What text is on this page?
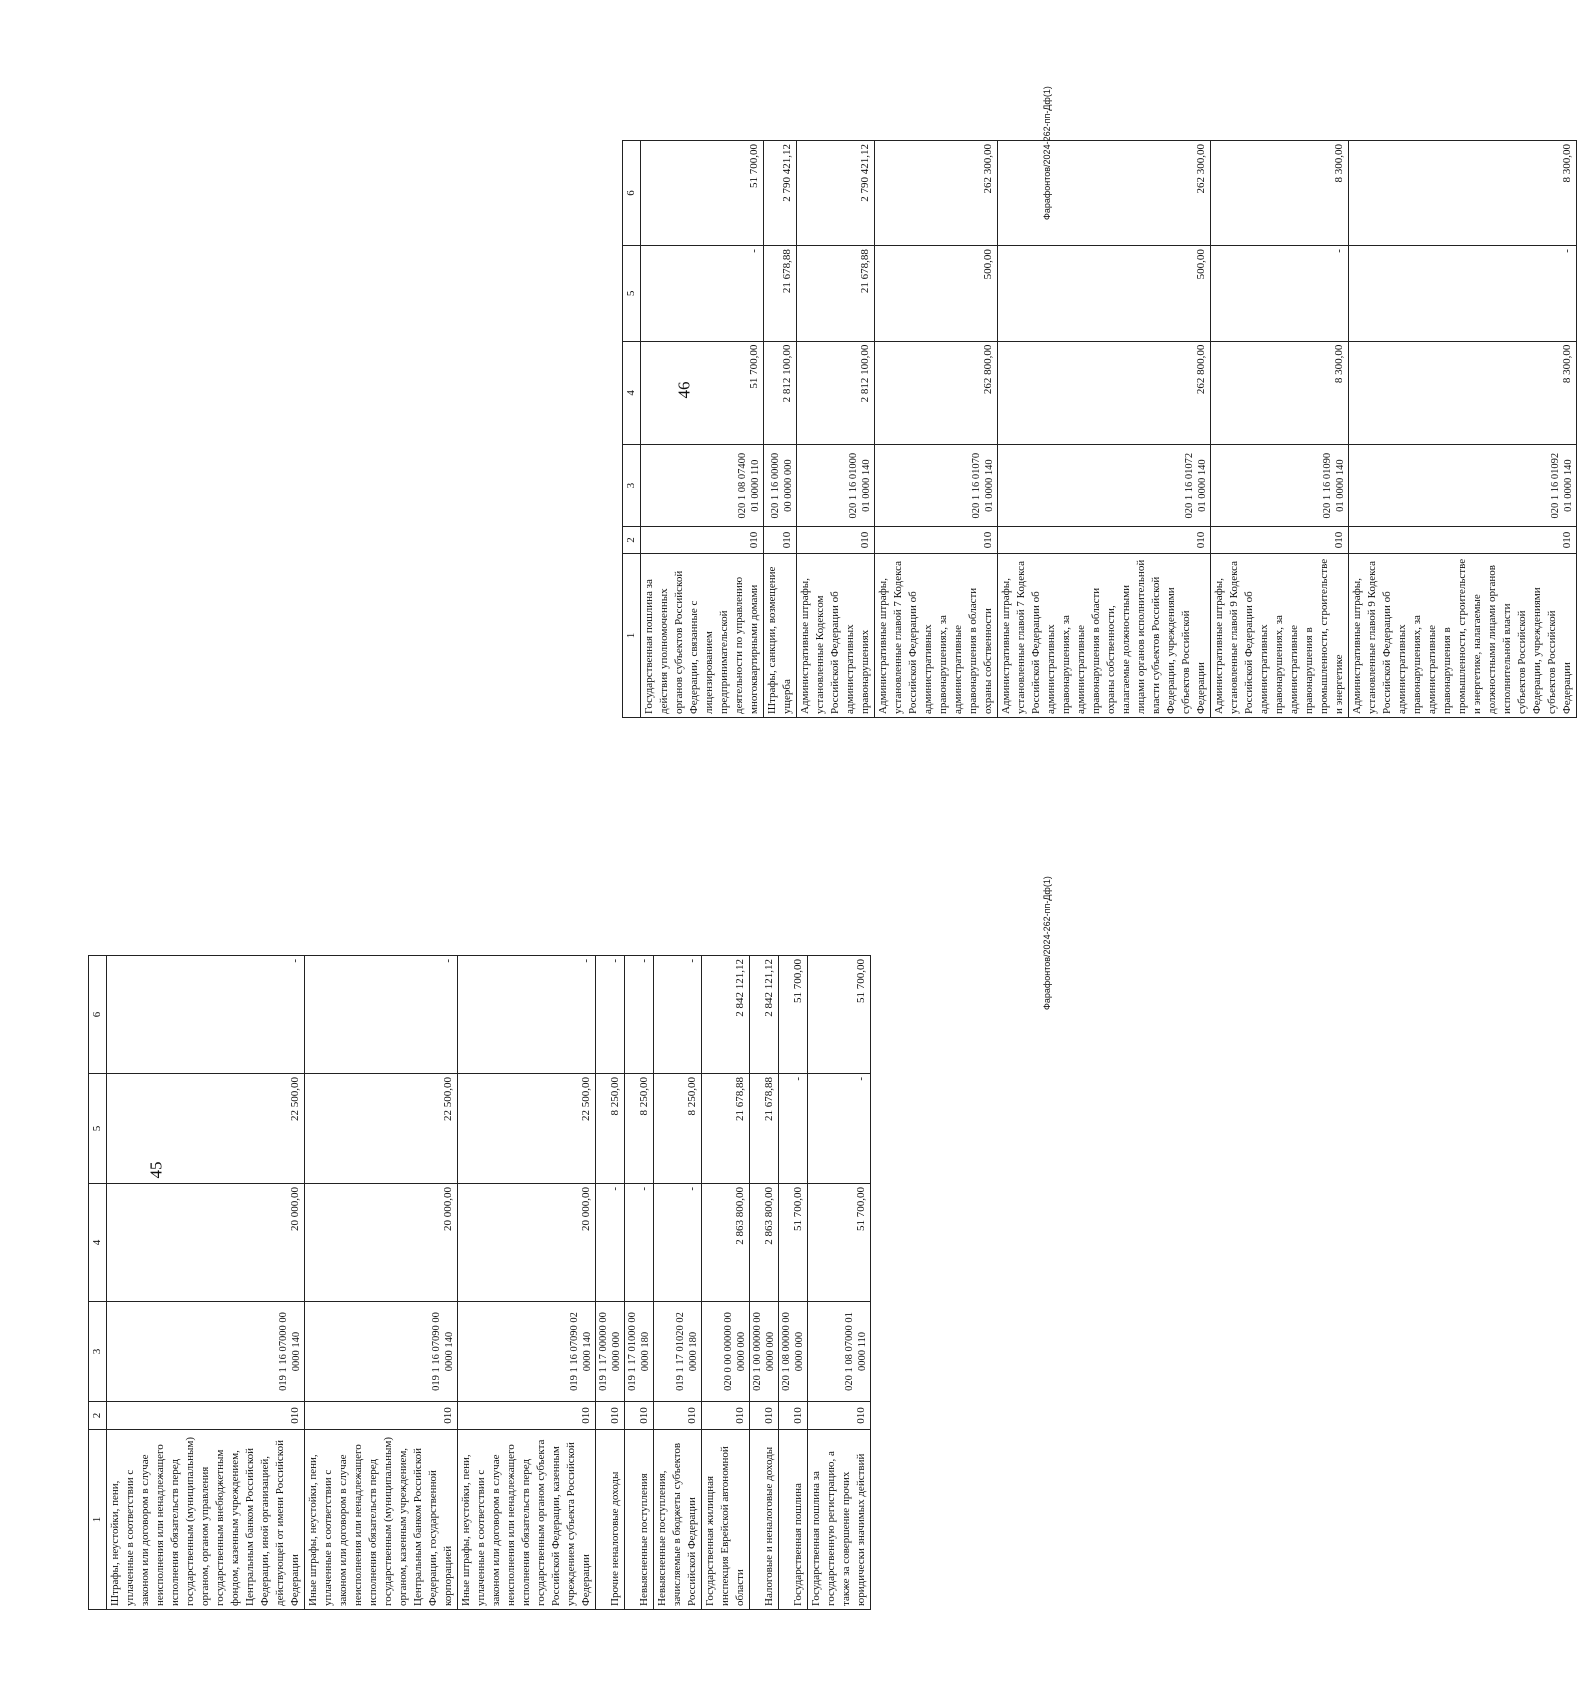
45
1	2	3	4	5	6
Штрафы, неустойки, пени, уплаченные в соответствии с законом или договором в случае неисполнения или ненадлежащего исполнения обязательств перед государственным (муниципальным) органом, органом управления государственным внебюджетным фондом, казенным учреждением, Центральным банком Российской Федерации, иной организацией, действующей от имени Российской Федерации	010	019 1 16 07000 00 0000 140	20 000,00	22 500,00	-
Иные штрафы, неустойки, пени, уплаченные в соответствии с законом или договором в случае неисполнения или ненадлежащего исполнения обязательств перед государственным (муниципальным) органом, казенным учреждением, Центральным банком Российской Федерации, государственной корпорацией	010	019 1 16 07090 00 0000 140	20 000,00	22 500,00	-
Иные штрафы, неустойки, пени, уплаченные в соответствии с законом или договором в случае неисполнения или ненадлежащего исполнения обязательств перед государственным органом субъекта Российской Федерации, казенным учреждением субъекта Российской Федерации	010	019 1 16 07090 02 0000 140	20 000,00	22 500,00	-
Прочие неналоговые доходы	010	019 1 17 00000 00 0000 000	-	8 250,00	-
Невыясненные поступления	010	019 1 17 01000 00 0000 180	-	8 250,00	-
Невыясненные поступления, зачисляемые в бюджеты субъектов Российской Федерации	010	019 1 17 01020 02 0000 180	-	8 250,00	-
Государственная жилищная инспекция Еврейской автономной области	010	020 0 00 00000 00 0000 000	2 863 800,00	21 678,88	2 842 121,12
Налоговые и неналоговые доходы	010	020 1 00 00000 00 0000 000	2 863 800,00	21 678,88	2 842 121,12
Государственная пошлина	010	020 1 08 00000 00 0000 000	51 700,00	-	51 700,00
Государственная пошлина за государственную регистрацию, а также за совершение прочих юридически значимых действий	010	020 1 08 07000 01 0000 110	51 700,00	-	51 700,00	Фарафонтов/2024-262-пп-Дф(1)
46
1	2	3	4	5	6
Государственная пошлина за действия уполномоченных органов субъектов Российской Федерации, связанные с лицензированием предпринимательской деятельности по управлению многоквартирными домами	010	020 1 08 07400 01 0000 110	51 700,00	-	51 700,00
Штрафы, санкции, возмещение ущерба	010	020 1 16 00000 00 0000 000	2 812 100,00	21 678,88	2 790 421,12
Административные штрафы, установленные Кодексом Российской Федерации об административных правонарушениях	010	020 1 16 01000 01 0000 140	2 812 100,00	21 678,88	2 790 421,12
Административные штрафы, установленные главой 7 Кодекса Российской Федерации об административных правонарушениях, за административные правонарушения в области охраны собственности	010	020 1 16 01070 01 0000 140	262 800,00	500,00	262 300,00
Административные штрафы, установленные главой 7 Кодекса Российской Федерации об административных правонарушениях, за административные правонарушения в области охраны собственности, налагаемые должностными лицами органов исполнительной власти субъектов Российской Федерации, учреждениями субъектов Российской Федерации	010	020 1 16 01072 01 0000 140	262 800,00	500,00	262 300,00
Административные штрафы, установленные главой 9 Кодекса Российской Федерации об административных правонарушениях, за административные правонарушения в промышленности, строительстве и энергетике	010	020 1 16 01090 01 0000 140	8 300,00	-	8 300,00
Административные штрафы, установленные главой 9 Кодекса Российской Федерации об административных правонарушениях, за административные правонарушения в промышленности, строительстве и энергетике, налагаемые должностными лицами органов исполнительной власти субъектов Российской Федерации, учреждениями субъектов Российской Федерации	010	020 1 16 01092 01 0000 140	8 300,00	-	8 300,00
Фарафонтов/2024-262-пп-Дф(1)
